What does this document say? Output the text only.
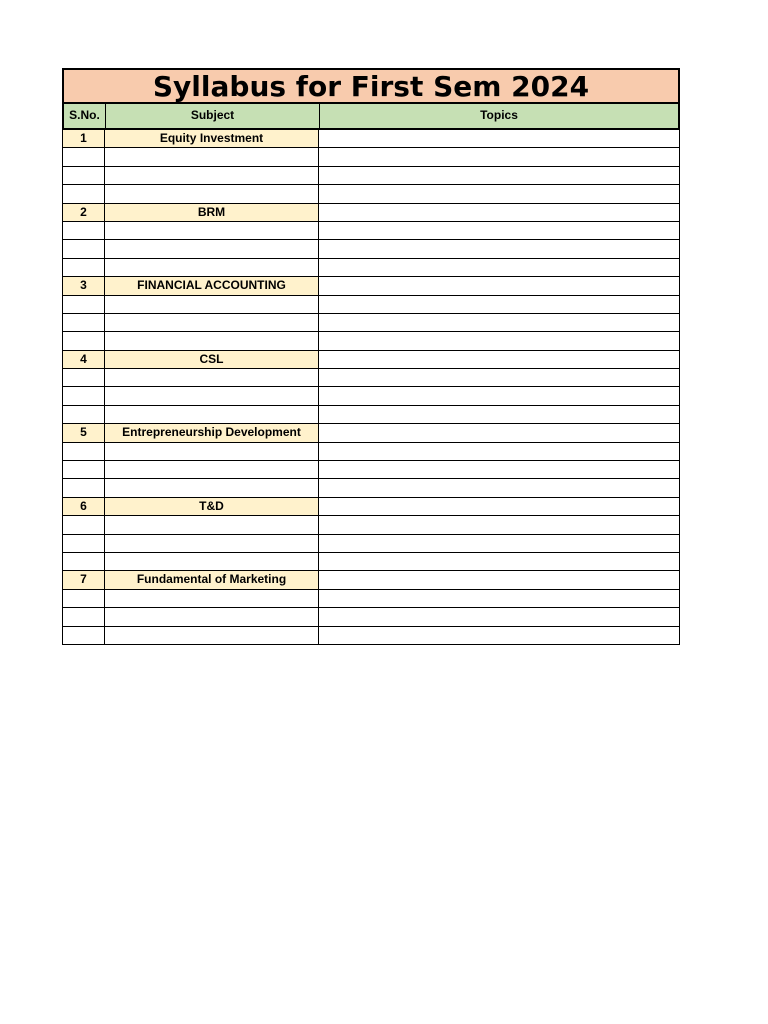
Syllabus for First Sem 2024
S.No.	Subject	Topics
1	Equity Investment
2	BRM
3	FINANCIAL ACCOUNTING
4	CSL
5	Entrepreneurship Development
6	T&D
7	Fundamental of Marketing
